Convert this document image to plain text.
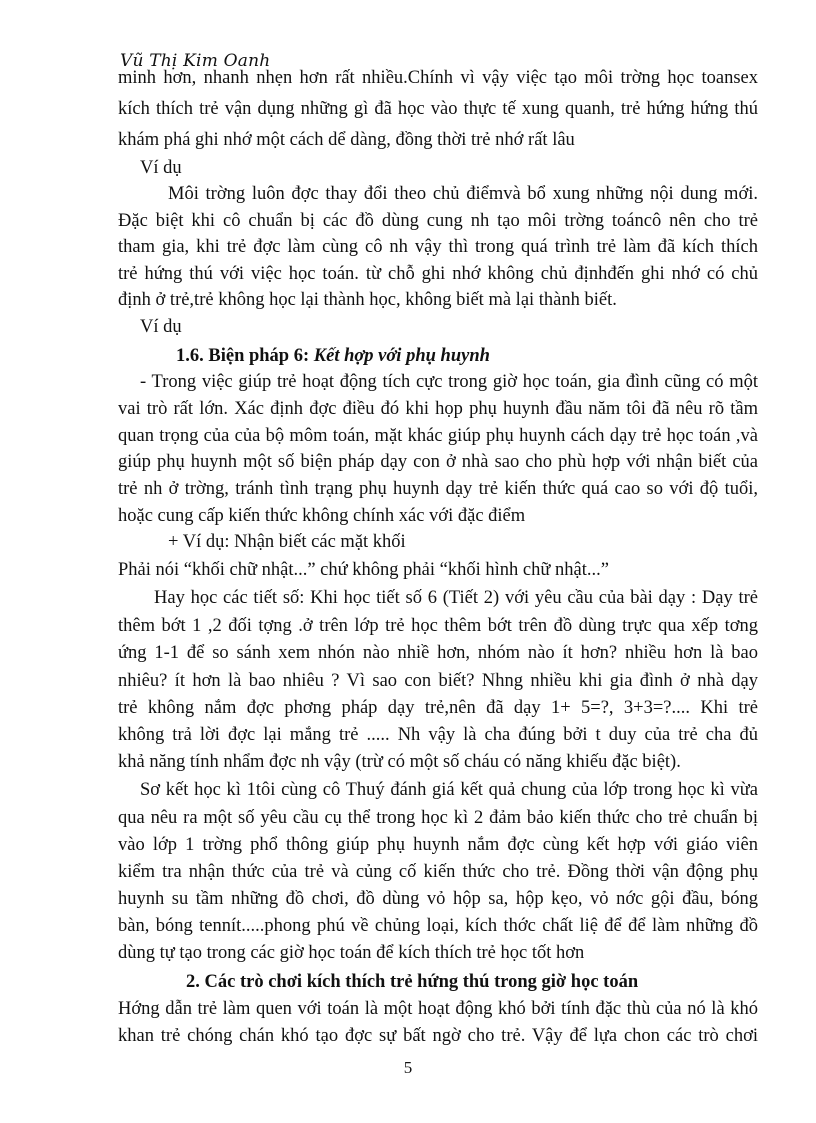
Vũ Thị Kim Oanh
minh hơn, nhanh nhẹn hơn rất nhiều.Chính vì vậy việc tạo môi trờng học toansex
kích thích trẻ vận dụng những gì đã học vào thực tế xung quanh, trẻ hứng hứng thú
khám phá ghi nhớ một cách dể dàng, đồng thời trẻ nhớ rất lâu
Ví dụ
Môi trờng luôn đợc thay đổi theo chủ điểmvà bổ xung những nội dung mới.
Đặc biệt khi cô chuẩn bị các đồ dùng cung nh tạo môi trờng toáncô nên cho trẻ
tham gia, khi trẻ đợc làm cùng cô nh vậy thì trong quá trình trẻ làm đã kích thích
trẻ hứng thú với việc học toán. từ chỗ ghi nhớ không chủ địnhđến ghi nhớ có chủ
định ở trẻ,trẻ không học lại thành học, không biết mà lại thành biết.
Ví dụ
1.6. Biện pháp 6: Kết hợp với phụ huynh
- Trong việc giúp trẻ hoạt động tích cực trong giờ học toán, gia đình cũng có một
vai trò rất lớn. Xác định đợc điều đó khi họp phụ huynh đầu năm tôi đã nêu rõ tầm
quan trọng của của bộ môm toán, mặt khác giúp phụ huynh cách dạy trẻ học toán ,và
giúp phụ huynh một số biện pháp dạy con ở nhà sao cho phù hợp với nhận biết của
trẻ nh ở trờng, tránh tình trạng phụ huynh dạy trẻ kiến thức quá cao so với độ tuổi,
hoặc cung cấp kiến thức không chính xác với đặc điểm
+ Ví dụ: Nhận biết các mặt khối
Phải nói “khối chữ nhật...” chứ không phải “khối hình chữ nhật...”
Hay học các tiết số: Khi học tiết số 6 (Tiết 2) với yêu cầu của bài dạy : Dạy trẻ
thêm bớt 1 ,2 đối tợng .ở trên lớp trẻ học thêm bớt trên đồ dùng trực qua xếp tơng
ứng 1-1 để so sánh xem nhón nào nhiề hơn, nhóm nào ít hơn? nhiều hơn là bao
nhiêu? ít hơn là bao nhiêu ? Vì sao con biết? Nhng nhiều khi gia đình ở nhà dạy
trẻ không nắm đợc phơng pháp dạy trẻ,nên đã dạy 1+ 5=?, 3+3=?.... Khi trẻ
không trả lời đợc lại mắng trẻ ..... Nh vậy là cha đúng bởi t duy của trẻ cha đủ
khả năng tính nhẩm đợc nh vậy (trừ có một số cháu có năng khiếu đặc biệt).
Sơ kết học kì 1tôi cùng cô Thuý đánh giá kết quả chung của lớp trong học kì vừa
qua nêu ra một số yêu cầu cụ thể trong học kì 2 đảm bảo kiến thức cho trẻ chuẩn bị
vào lớp 1 trờng phổ thông giúp phụ huynh nắm đợc cùng kết hợp với giáo viên
kiểm tra nhận thức của trẻ và củng cố kiến thức cho trẻ. Đồng thời vận động phụ
huynh su tầm những đồ chơi, đồ dùng vỏ hộp sa, hộp kẹo, vỏ nớc gội đầu, bóng
bàn, bóng tennít.....phong phú về chủng loại, kích thớc chất liệ để để làm những đồ
dùng tự tạo trong các giờ học toán để kích thích trẻ học tốt hơn
2. Các trò chơi kích thích trẻ hứng thú trong giờ học toán
Hớng dẫn trẻ làm quen với toán là một hoạt động khó bởi tính đặc thù của nó là khó
khan trẻ chóng chán khó tạo đợc sự bất ngờ cho trẻ. Vậy để lựa chon các trò chơi
5
